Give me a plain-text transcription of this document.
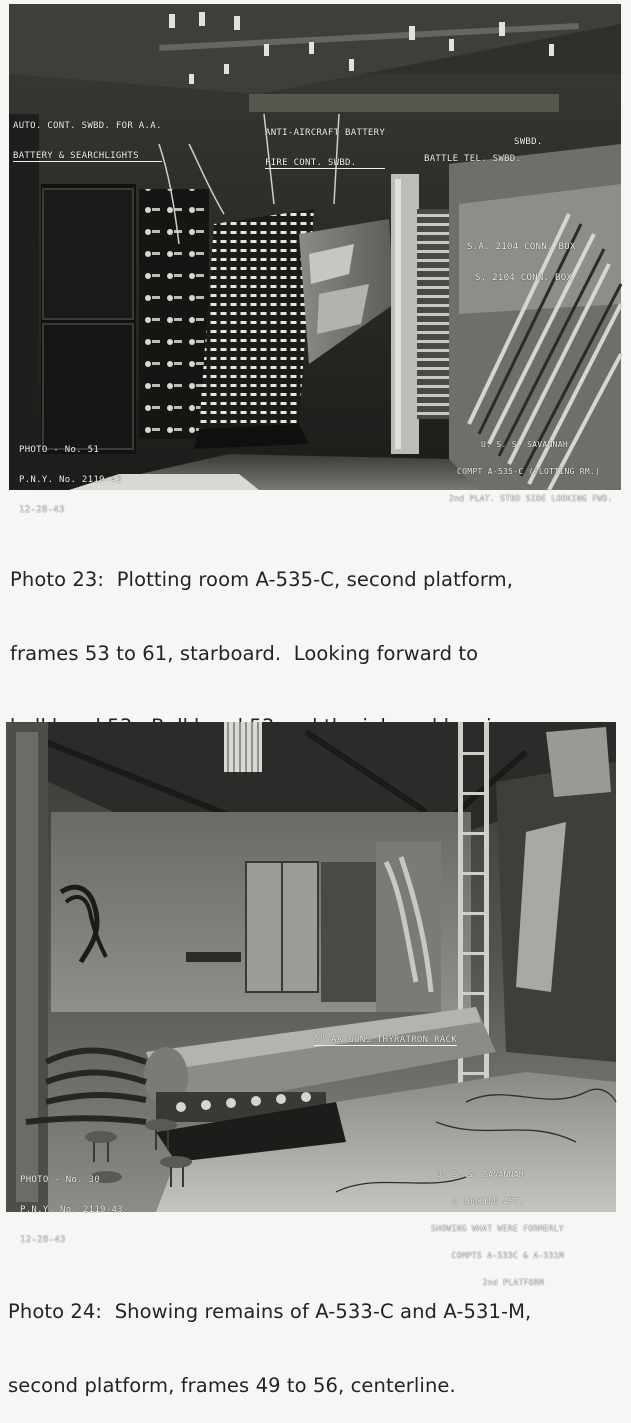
AUTO. CONT. SWBD. FOR A.A.

BATTERY & SEARCHLIGHTS

ANTI-AIRCRAFT BATTERY

FIRE CONT. SWBD.

SWBD.
BATTLE TEL. SWBD.
S.A. 2104 CONN. BOX
S. 2104 CONN. BOX

PHOTO - No. 51

P.N.Y. No. 2119-43

12-28-43

U. S. S. SAVANNAH

COMPT A-535-C (PLOTTING RM.)

2nd PLAT. STBD SIDE LOOKING FWD.

Photo 23:  Plotting room A-535-C, second platform,

frames 53 to 61, starboard.  Looking forward to

5" AA GUNS THYRATRON RACK

PHOTO - No. 30

P.N.Y. No. 2119-43

12-28-43

U. S. S. SAVANNAH

¢ LOOKING AFT.

SHOWING WHAT WERE FORMERLY

COMPTS A-533C & A-531M

2nd PLATFORM

Photo 24:  Showing remains of A-533-C and A-531-M,

second platform, frames 49 to 56, centerline.
